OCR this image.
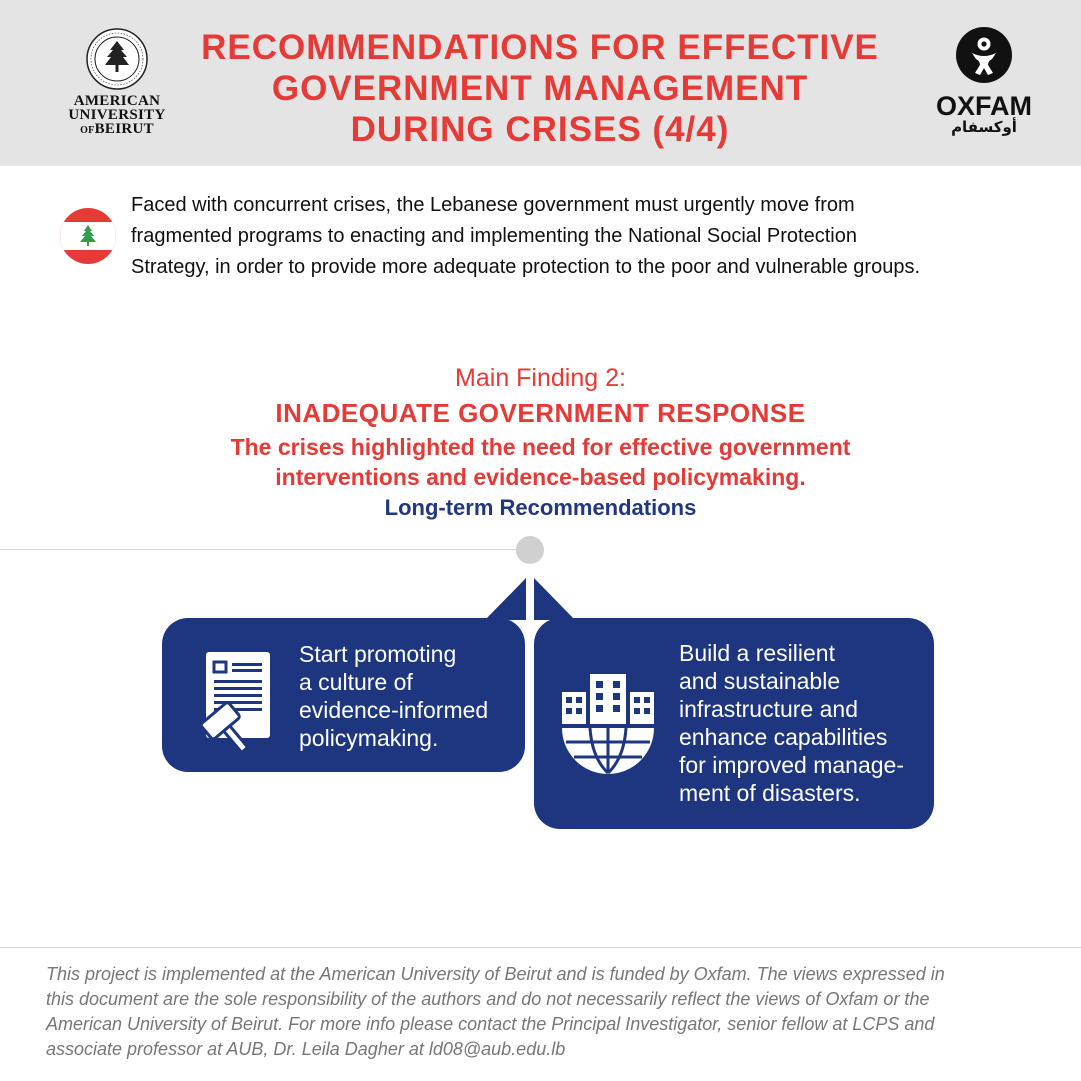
AMERICAN
UNIVERSITY
OFBEIRUT
RECOMMENDATIONS FOR EFFECTIVE
GOVERNMENT MANAGEMENT
DURING CRISES (4/4)
OXFAM
أوكسفام
Faced with concurrent crises, the Lebanese government must urgently move from
fragmented programs to enacting and implementing the National Social Protection
Strategy, in order to provide more adequate protection to the poor and vulnerable groups.
Main Finding 2:
INADEQUATE GOVERNMENT RESPONSE
The crises highlighted the need for effective government
interventions and evidence-based policymaking.
Long-term Recommendations
Start promoting
a culture of
evidence-informed
policymaking.
Build a resilient
and sustainable
infrastructure and
enhance capabilities
for improved manage-
ment of disasters.
This project is implemented at the American University of Beirut and is funded by Oxfam. The views expressed in
this document are the sole responsibility of the authors and do not necessarily reflect the views of Oxfam or the
American University of Beirut. For more info please contact the Principal Investigator, senior fellow at LCPS and
associate professor at AUB, Dr. Leila Dagher at ld08@aub.edu.lb
